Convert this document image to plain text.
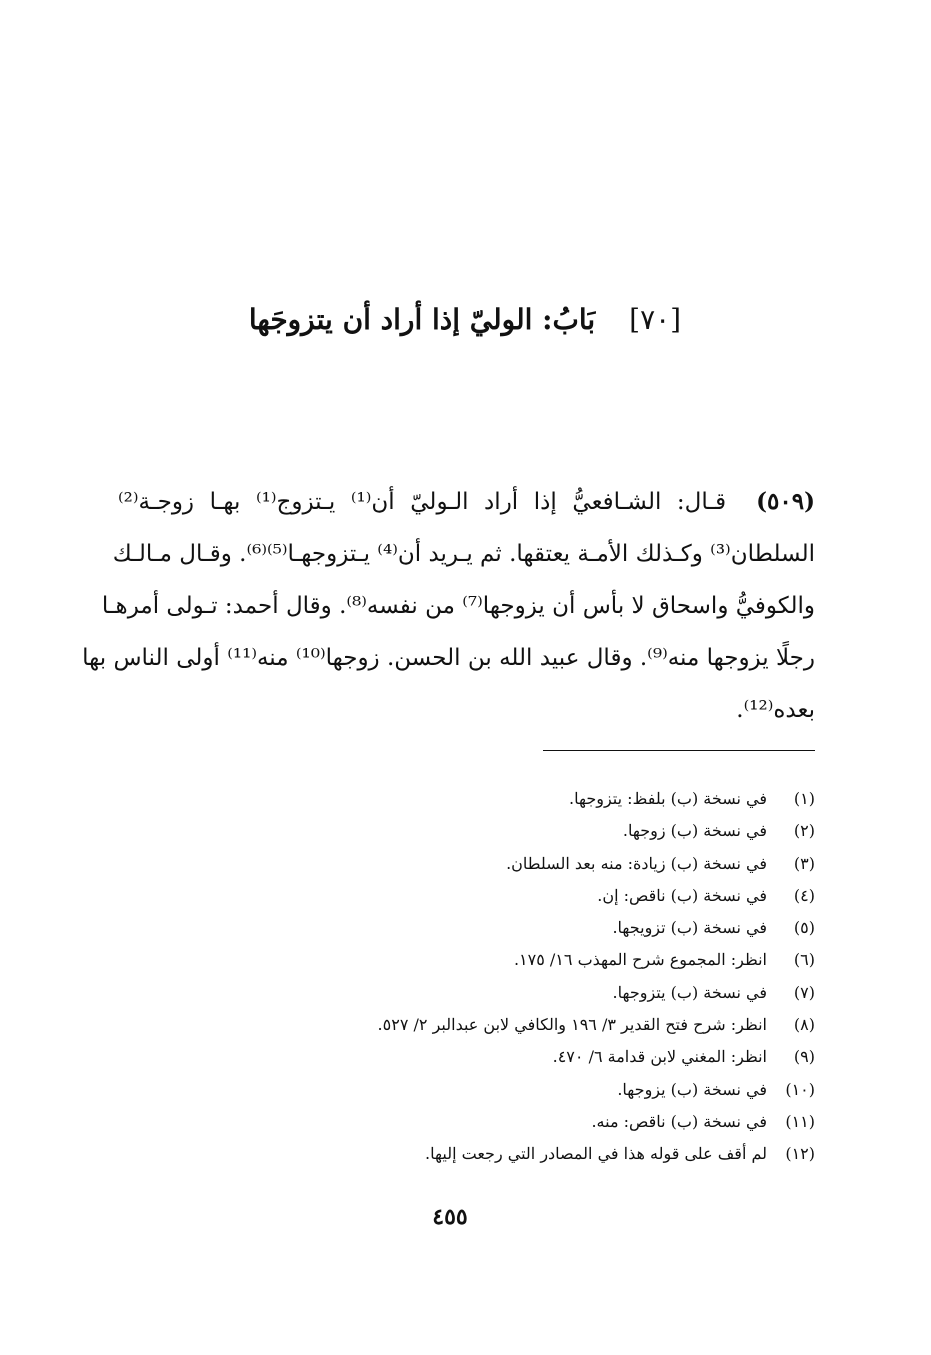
[٧٠]بَابُ: الوليّ إذا أراد أن يتزوجَها
(٥٠٩)قـال: الشـافعيُّ إذا أراد الـوليّ أن⁽¹⁾ يـتزوج⁽¹⁾ بهـا زوجـة⁽²⁾
السلطان⁽³⁾ وكـذلك الأمـة يعتقها. ثم يـريد أن⁽⁴⁾ يـتزوجهـا⁽⁵⁾⁽⁶⁾. وقـال مـالـك
والكوفيُّ واسحاق لا بأس أن يزوجها⁽⁷⁾ من نفسه⁽⁸⁾. وقال أحمد: تـولى أمرهـا
رجلًا يزوجها منه⁽⁹⁾. وقال عبيد الله بن الحسن. زوجها⁽¹⁰⁾ منه⁽¹¹⁾ أولى الناس بها
بعده⁽¹²⁾.
(١)في نسخة (ب) بلفظ: يتزوجها.
(٢)في نسخة (ب) زوجها.
(٣)في نسخة (ب) زيادة: منه بعد السلطان.
(٤)في نسخة (ب) ناقص: إن.
(٥)في نسخة (ب) تزويجها.
(٦)انظر: المجموع شرح المهذب ١٦/ ١٧٥.
(٧)في نسخة (ب) يتزوجها.
(٨)انظر: شرح فتح القدير ٣/ ١٩٦ والكافي لابن عبدالبر ٢/ ٥٢٧.
(٩)انظر: المغني لابن قدامة ٦/ ٤٧٠.
(١٠)في نسخة (ب) يزوجها.
(١١)في نسخة (ب) ناقص: منه.
(١٢)لم أقف على قوله هذا في المصادر التي رجعت إليها.
٤٥٥
